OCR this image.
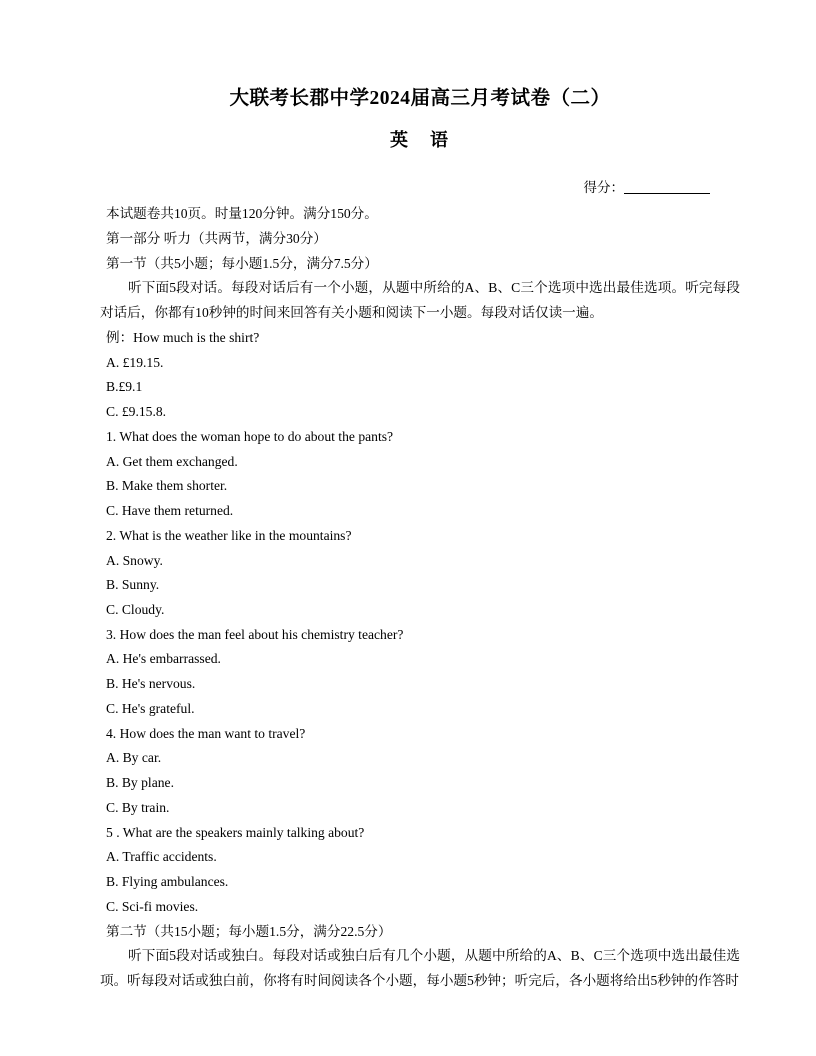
大联考长郡中学2024届高三月考试卷（二）
英　语
得分：

本试题卷共10页。时量120分钟。满分150分。

第一部分 听力（共两节，满分30分）

第一节（共5小题；每小题1.5分，满分7.5分）

听下面5段对话。每段对话后有一个小题，从题中所给的A、B、C三个选项中选出最佳选项。听完每段对话后，你都有10秒钟的时间来回答有关小题和阅读下一小题。每段对话仅读一遍。

例：How much is the shirt?

A. £19.15.

B.£9.1

C. £9.15.8.

1. What does the woman hope to do about the pants?

A. Get them exchanged.

B. Make them shorter.

C. Have them returned.

2. What is the weather like in the mountains?

A. Snowy.

B. Sunny.

C. Cloudy.

3. How does the man feel about his chemistry teacher?

A. He's embarrassed.

B. He's nervous.

C. He's grateful.

4. How does the man want to travel?

A. By car.

B. By plane.

C. By train.

5 . What are the speakers mainly talking about?

A. Traffic accidents.

B. Flying ambulances.

C. Sci-fi movies.

第二节（共15小题；每小题1.5分，满分22.5分）

听下面5段对话或独白。每段对话或独白后有几个小题，从题中所给的A、B、C三个选项中选出最佳选项。听每段对话或独白前，你将有时间阅读各个小题，每小题5秒钟；听完后，各小题将给出5秒钟的作答时
